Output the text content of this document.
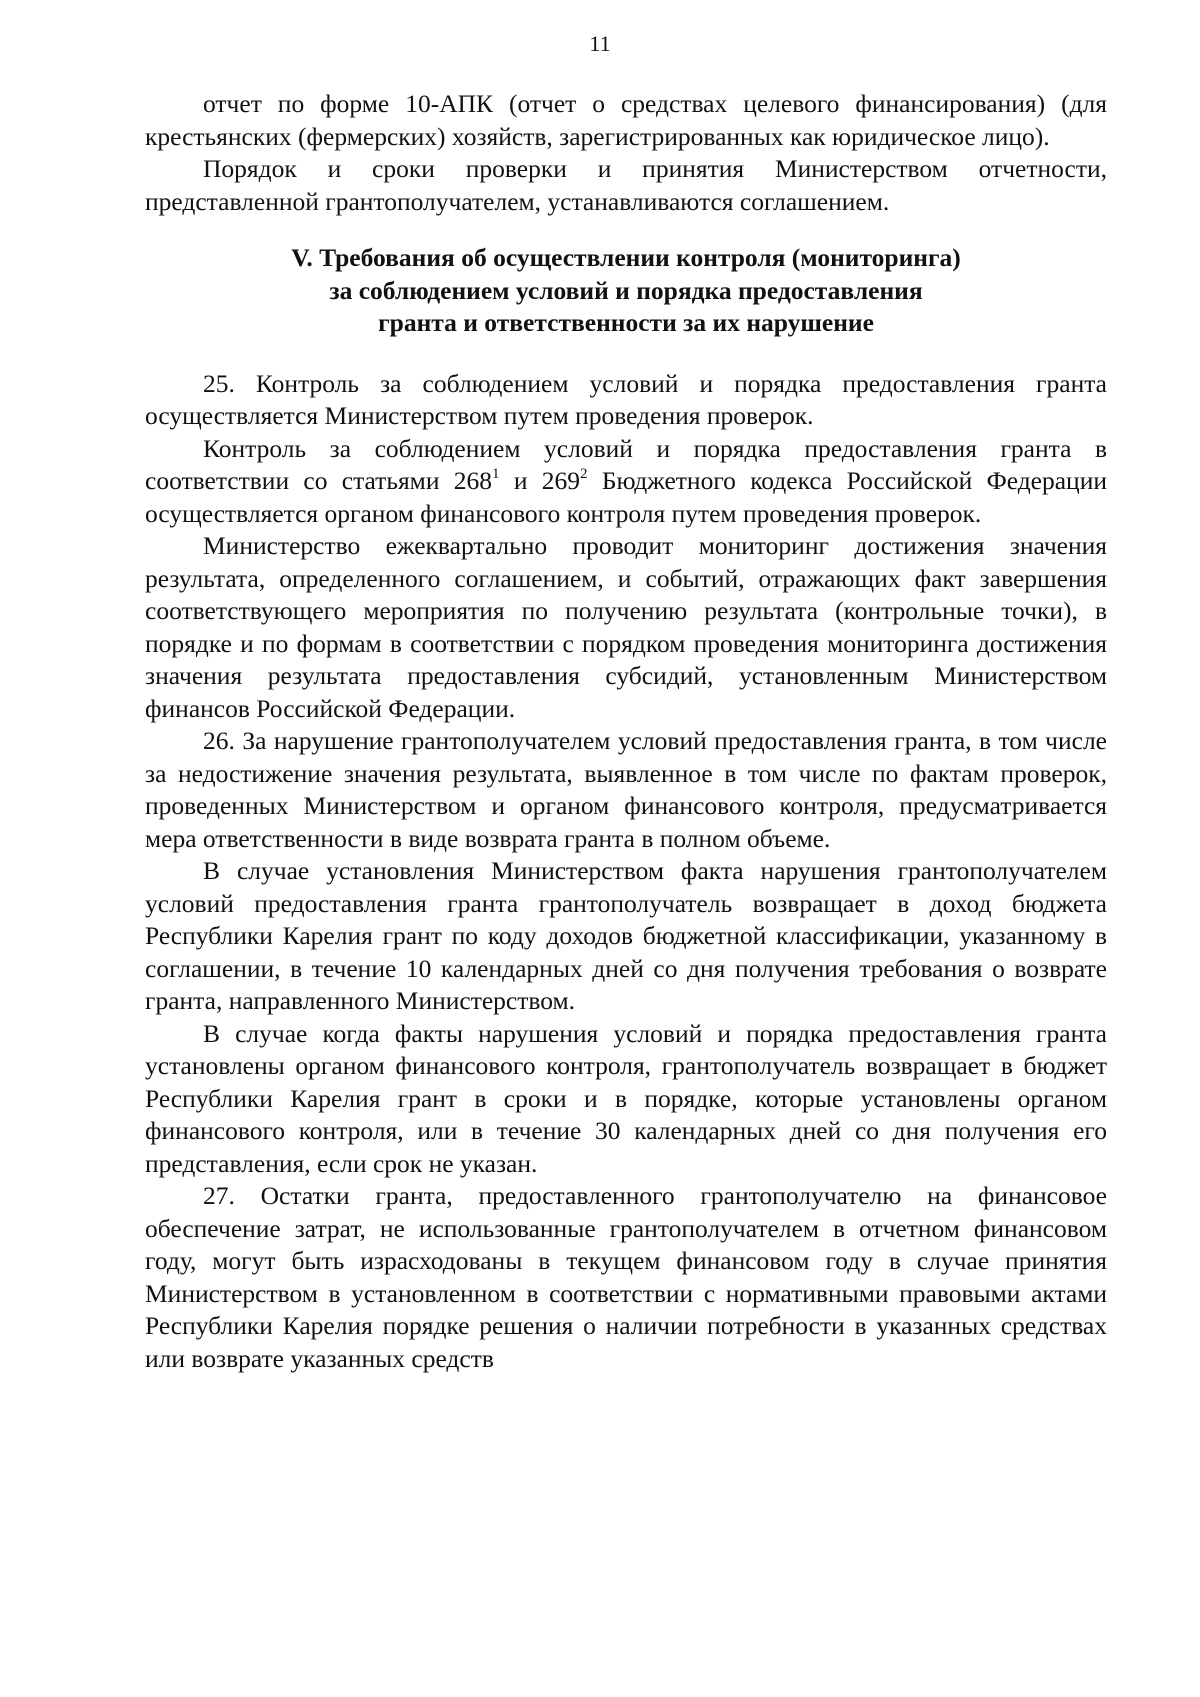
11

отчет по форме 10-АПК (отчет о средствах целевого финансирования) (для крестьянских (фермерских) хозяйств, зарегистрированных как юридическое лицо).

Порядок и сроки проверки и принятия Министерством отчетности, представленной грантополучателем, устанавливаются соглашением.

V. Требования об осуществлении контроля (мониторинга)

за соблюдением условий и порядка предоставления

гранта и ответственности за их нарушение

25. Контроль за соблюдением условий и порядка предоставления гранта осуществляется Министерством путем проведения проверок.

Контроль за соблюдением условий и порядка предоставления гранта в соответствии со статьями $268^1$ и $269^2$ Бюджетного кодекса Российской Федерации осуществляется органом финансового контроля путем проведения проверок.

Министерство ежеквартально проводит мониторинг достижения значения результата, определенного соглашением, и событий, отражающих факт завершения соответствующего мероприятия по получению результата (контрольные точки), в порядке и по формам в соответствии с порядком проведения мониторинга достижения значения результата предоставления субсидий, установленным Министерством финансов Российской Федерации.

26. За нарушение грантополучателем условий предоставления гранта, в том числе за недостижение значения результата, выявленное в том числе по фактам проверок, проведенных Министерством и органом финансового контроля, предусматривается мера ответственности в виде возврата гранта в полном объеме.

В случае установления Министерством факта нарушения грантополучателем условий предоставления гранта грантополучатель возвращает в доход бюджета Республики Карелия грант по коду доходов бюджетной классификации, указанному в соглашении, в течение 10 календарных дней со дня получения требования о возврате гранта, направленного Министерством.

В случае когда факты нарушения условий и порядка предоставления гранта установлены органом финансового контроля, грантополучатель возвращает в бюджет Республики Карелия грант в сроки и в порядке, которые установлены органом финансового контроля, или в течение 30 календарных дней со дня получения его представления, если срок не указан.

27. Остатки гранта, предоставленного грантополучателю на финансовое обеспечение затрат, не использованные грантополучателем в отчетном финансовом году, могут быть израсходованы в текущем финансовом году в случае принятия Министерством в установленном в соответствии с нормативными правовыми актами Республики Карелия порядке решения о наличии потребности в указанных средствах или возврате указанных средств
